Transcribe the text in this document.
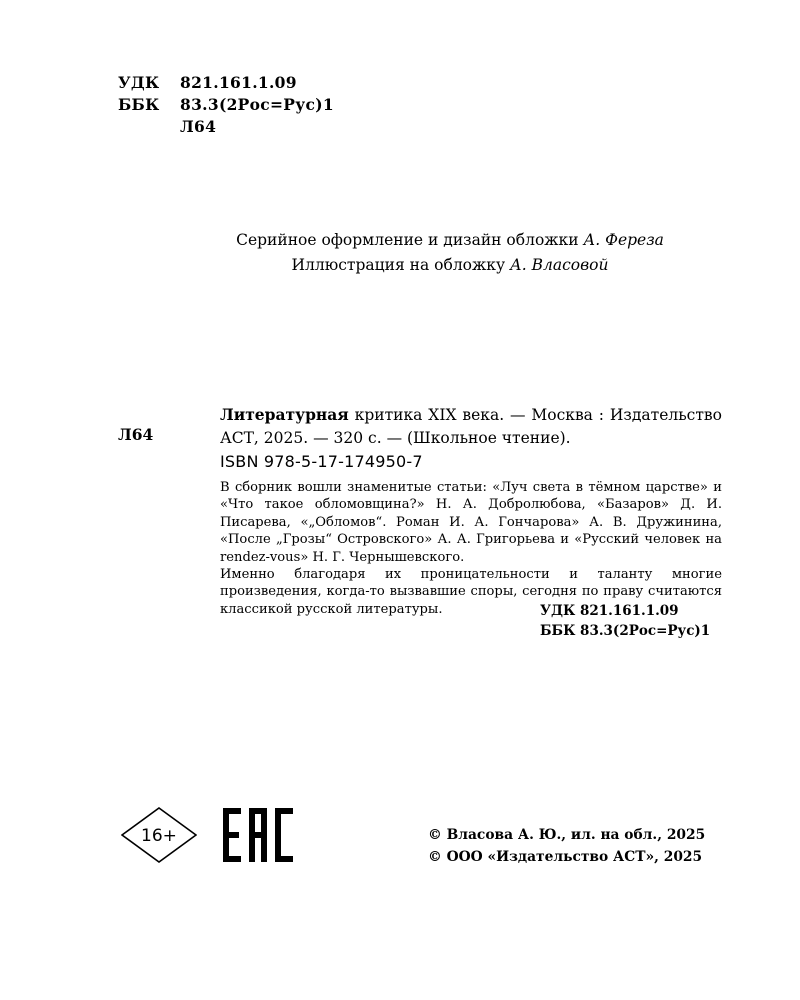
УДК	821.161.1.09
ББК	83.3(2Рос=Рус)1
Л64
Серийное оформление и дизайн обложки А. Фереза
Иллюстрация на обложку А. Власовой
Л64
Литературная критика XIX века. — Москва : Издательство АСТ, 2025. — 320 с. — (Школьное чтение).
ISBN 978-5-17-174950-7

В сборник вошли знаменитые статьи: «Луч света в тёмном царстве» и «Что такое обломовщина?» Н. А. Добролюбова, «Базаров» Д. И. Писарева, «„Обломов“. Роман И. А. Гончарова» А. В. Дружинина, «После „Грозы“ Островского» А. А. Григорьева и «Русский человек на rendez-vous» Н. Г. Чернышевского.

Именно благодаря их проницательности и таланту многие произведения, когда-то вызвавшие споры, сегодня по праву считаются классикой русской литературы.	УДК 821.161.1.09
ББК 83.3(2Рос=Рус)1
16+	© Власова А. Ю., ил. на обл., 2025
© ООО «Издательство АСТ», 2025
